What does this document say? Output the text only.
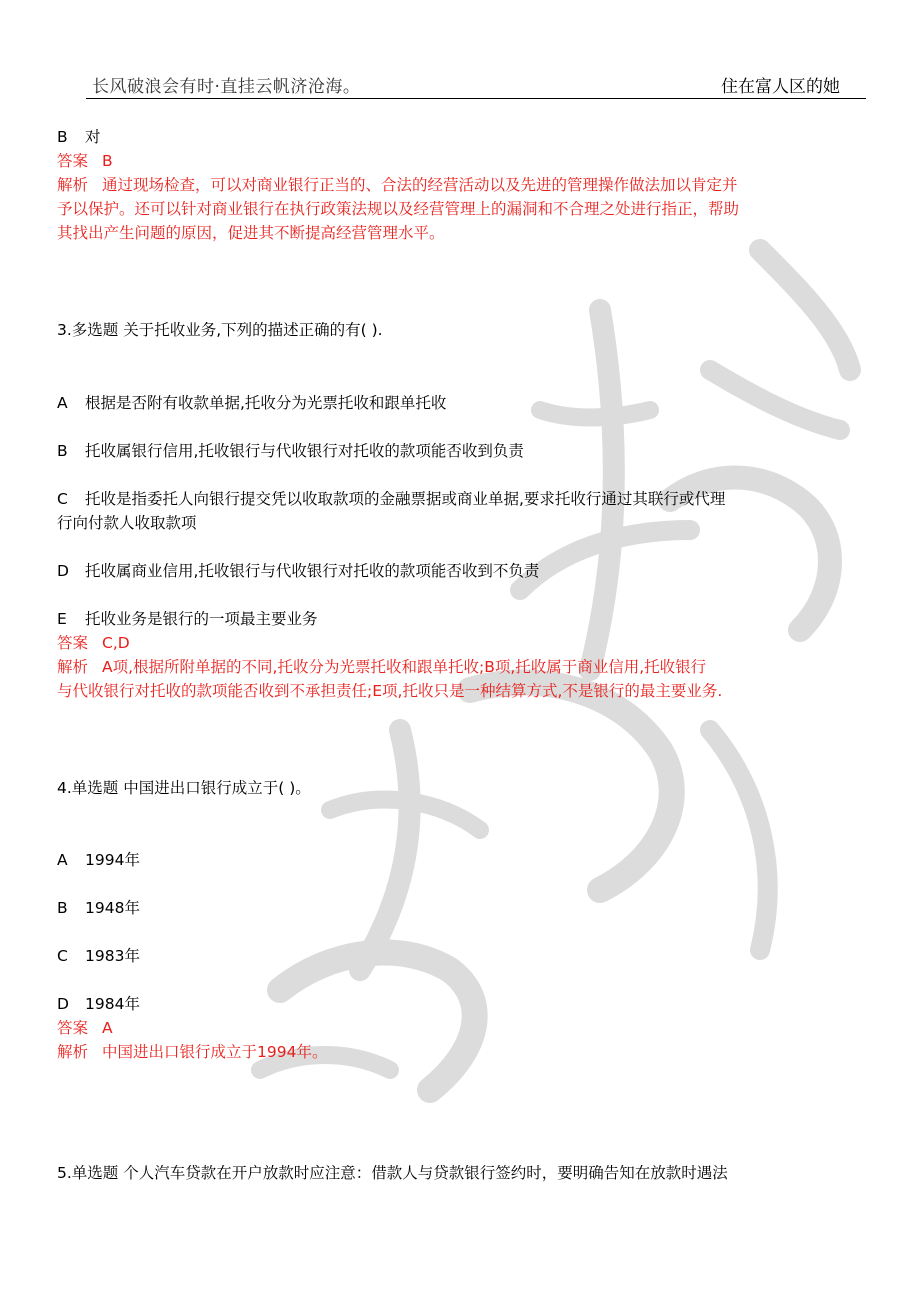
长风破浪会有时·直挂云帆济沧海。	住在富人区的她
B 对
答案 B
解析 通过现场检查，可以对商业银行正当的、合法的经营活动以及先进的管理操作做法加以肯定并
予以保护。还可以针对商业银行在执行政策法规以及经营管理上的漏洞和不合理之处进行指正，帮助
其找出产生问题的原因，促进其不断提高经营管理水平。
3.多选题 关于托收业务,下列的描述正确的有( ).
A 根据是否附有收款单据,托收分为光票托收和跟单托收
B 托收属银行信用,托收银行与代收银行对托收的款项能否收到负责
C 托收是指委托人向银行提交凭以收取款项的金融票据或商业单据,要求托收行通过其联行或代理
行向付款人收取款项
D 托收属商业信用,托收银行与代收银行对托收的款项能否收到不负责
E 托收业务是银行的一项最主要业务
答案 C,D
解析 A项,根据所附单据的不同,托收分为光票托收和跟单托收;B项,托收属于商业信用,托收银行
与代收银行对托收的款项能否收到不承担责任;E项,托收只是一种结算方式,不是银行的最主要业务.
4.单选题 中国进出口银行成立于( )。
A 1994年
B 1948年
C 1983年
D 1984年
答案 A
解析 中国进出口银行成立于1994年。
5.单选题 个人汽车贷款在开户放款时应注意：借款人与贷款银行签约时，要明确告知在放款时遇法
